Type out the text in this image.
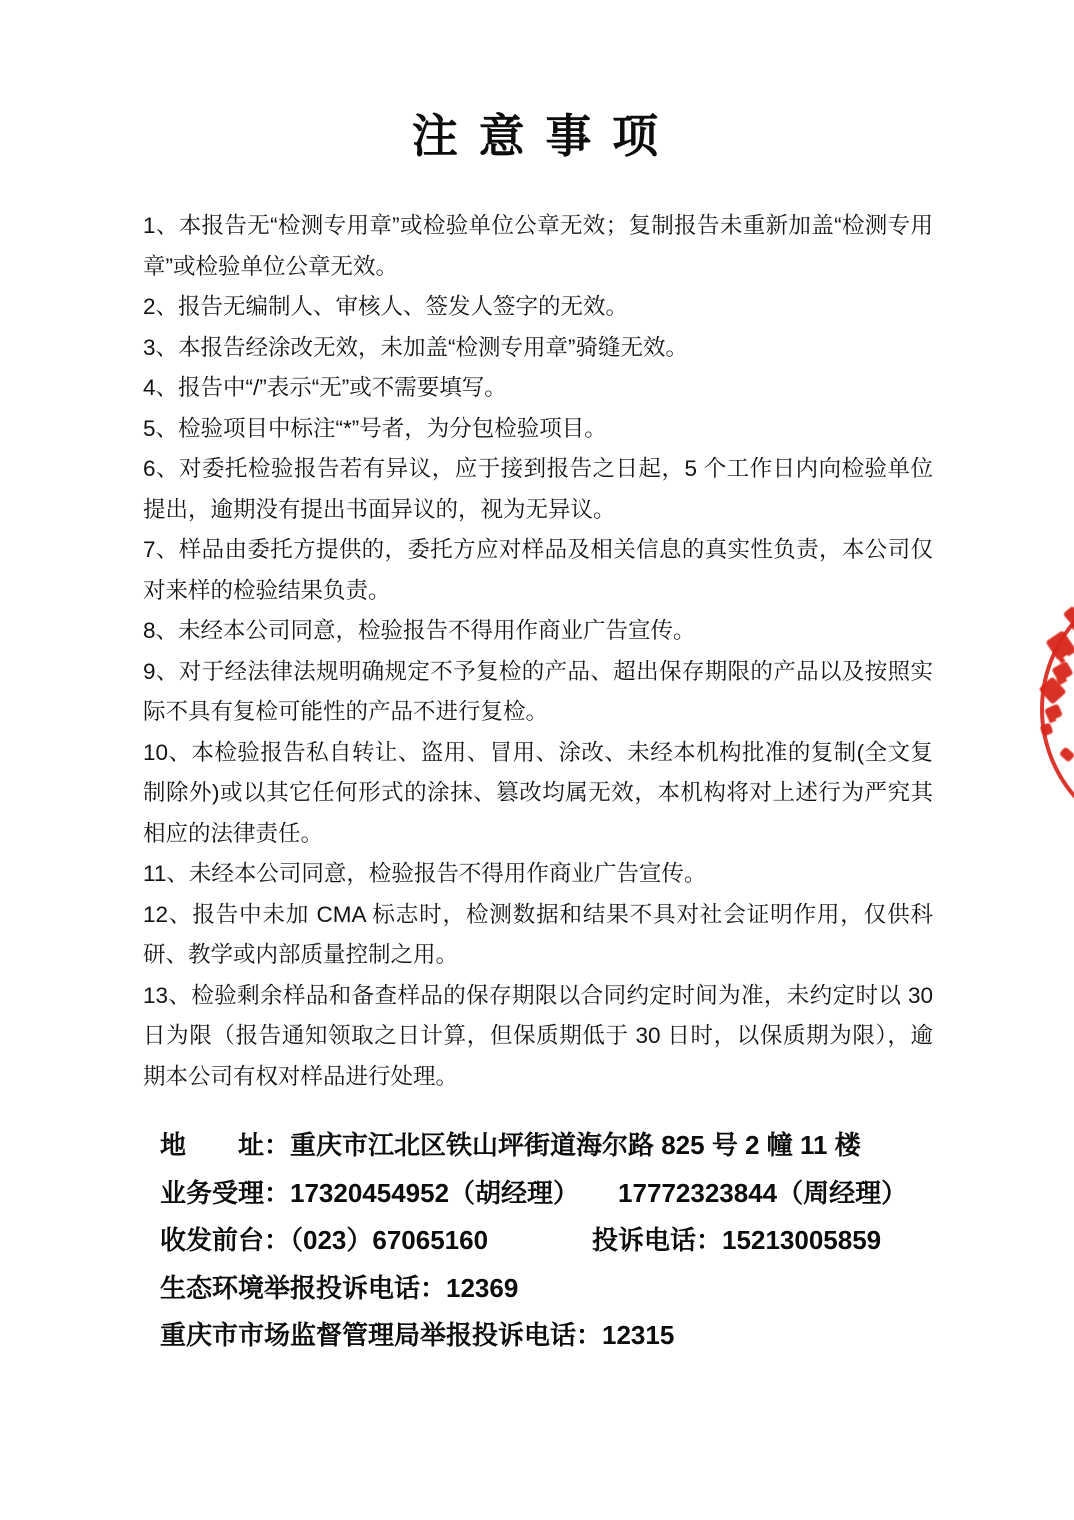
注 意 事 项

1、本报告无“检测专用章”或检验单位公章无效；复制报告未重新加盖“检测专用章”或检验单位公章无效。

2、报告无编制人、审核人、签发人签字的无效。

3、本报告经涂改无效，未加盖“检测专用章”骑缝无效。

4、报告中“/”表示“无”或不需要填写。

5、检验项目中标注“*”号者，为分包检验项目。

6、对委托检验报告若有异议，应于接到报告之日起，5 个工作日内向检验单位提出，逾期没有提出书面异议的，视为无异议。

7、样品由委托方提供的，委托方应对样品及相关信息的真实性负责，本公司仅对来样的检验结果负责。

8、未经本公司同意，检验报告不得用作商业广告宣传。

9、对于经法律法规明确规定不予复检的产品、超出保存期限的产品以及按照实际不具有复检可能性的产品不进行复检。

10、本检验报告私自转让、盗用、冒用、涂改、未经本机构批准的复制(全文复制除外)或以其它任何形式的涂抹、篡改均属无效，本机构将对上述行为严究其相应的法律责任。

11、未经本公司同意，检验报告不得用作商业广告宣传。

12、报告中未加 CMA 标志时，检测数据和结果不具对社会证明作用，仅供科研、教学或内部质量控制之用。

13、检验剩余样品和备查样品的保存期限以合同约定时间为准，未约定时以 30 日为限（报告通知领取之日计算，但保质期低于 30 日时，以保质期为限），逾期本公司有权对样品进行处理。

地　　址：重庆市江北区铁山坪街道海尔路 825 号 2 幢 11 楼
业务受理：17320454952（胡经理）　　17772323844（周经理）
收发前台：（023）67065160　　　　投诉电话：15213005859
生态环境举报投诉电话：12369
重庆市市场监督管理局举报投诉电话：12315
